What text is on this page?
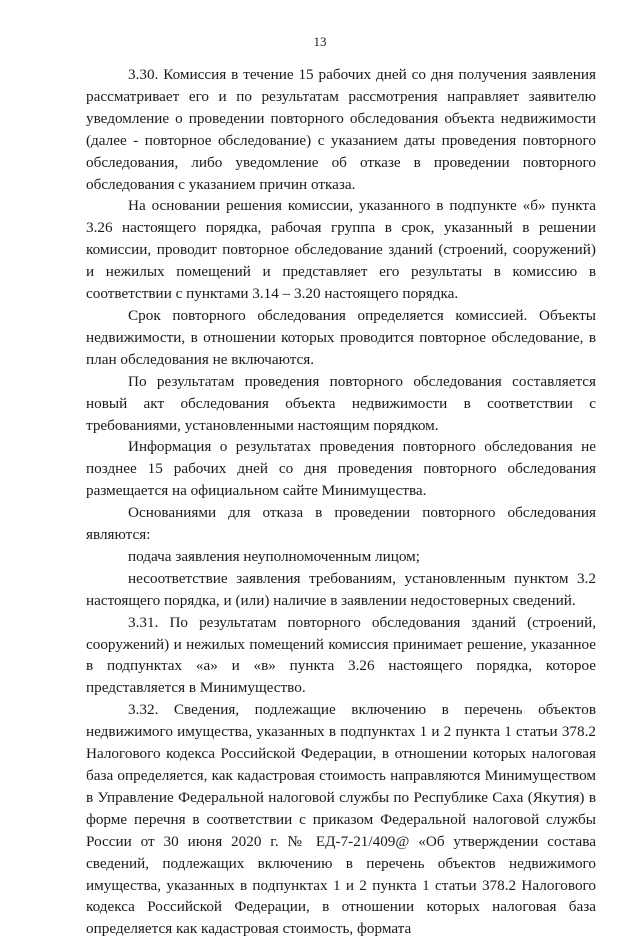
13

3.30. Комиссия в течение 15 рабочих дней со дня получения заявления рассматривает его и по результатам рассмотрения направляет заявителю уведомление о проведении повторного обследования объекта недвижимости (далее - повторное обследование) с указанием даты проведения повторного обследования, либо уведомление об отказе в проведении повторного обследования с указанием причин отказа.

На основании решения комиссии, указанного в подпункте «б» пункта 3.26 настоящего порядка, рабочая группа в срок, указанный в решении комиссии, проводит повторное обследование зданий (строений, сооружений) и нежилых помещений и представляет его результаты в комиссию в соответствии с пунктами 3.14 – 3.20 настоящего порядка.

Срок повторного обследования определяется комиссией. Объекты недвижимости, в отношении которых проводится повторное обследование, в план обследования не включаются.

По результатам проведения повторного обследования составляется новый акт обследования объекта недвижимости в соответствии с требованиями, установленными настоящим порядком.

Информация о результатах проведения повторного обследования не позднее 15 рабочих дней со дня проведения повторного обследования размещается на официальном сайте Минимущества.

Основаниями для отказа в проведении повторного обследования являются:

подача заявления неуполномоченным лицом;

несоответствие заявления требованиям, установленным пунктом 3.2 настоящего порядка, и (или) наличие в заявлении недостоверных сведений.

3.31. По результатам повторного обследования зданий (строений, сооружений) и нежилых помещений комиссия принимает решение, указанное в подпунктах «а» и «в» пункта 3.26 настоящего порядка, которое представляется в Минимущество.

3.32. Сведения, подлежащие включению в перечень объектов недвижимого имущества, указанных в подпунктах 1 и 2 пункта 1 статьи 378.2 Налогового кодекса Российской Федерации, в отношении которых налоговая база определяется, как кадастровая стоимость направляются Минимуществом в Управление Федеральной налоговой службы по Республике Саха (Якутия) в форме перечня в соответствии с приказом Федеральной налоговой службы России от 30 июня 2020 г. № ЕД-7-21/409@ «Об утверждении состава сведений, подлежащих включению в перечень объектов недвижимого имущества, указанных в подпунктах 1 и 2 пункта 1 статьи 378.2 Налогового кодекса Российской Федерации, в отношении которых налоговая база определяется как кадастровая стоимость, формата
